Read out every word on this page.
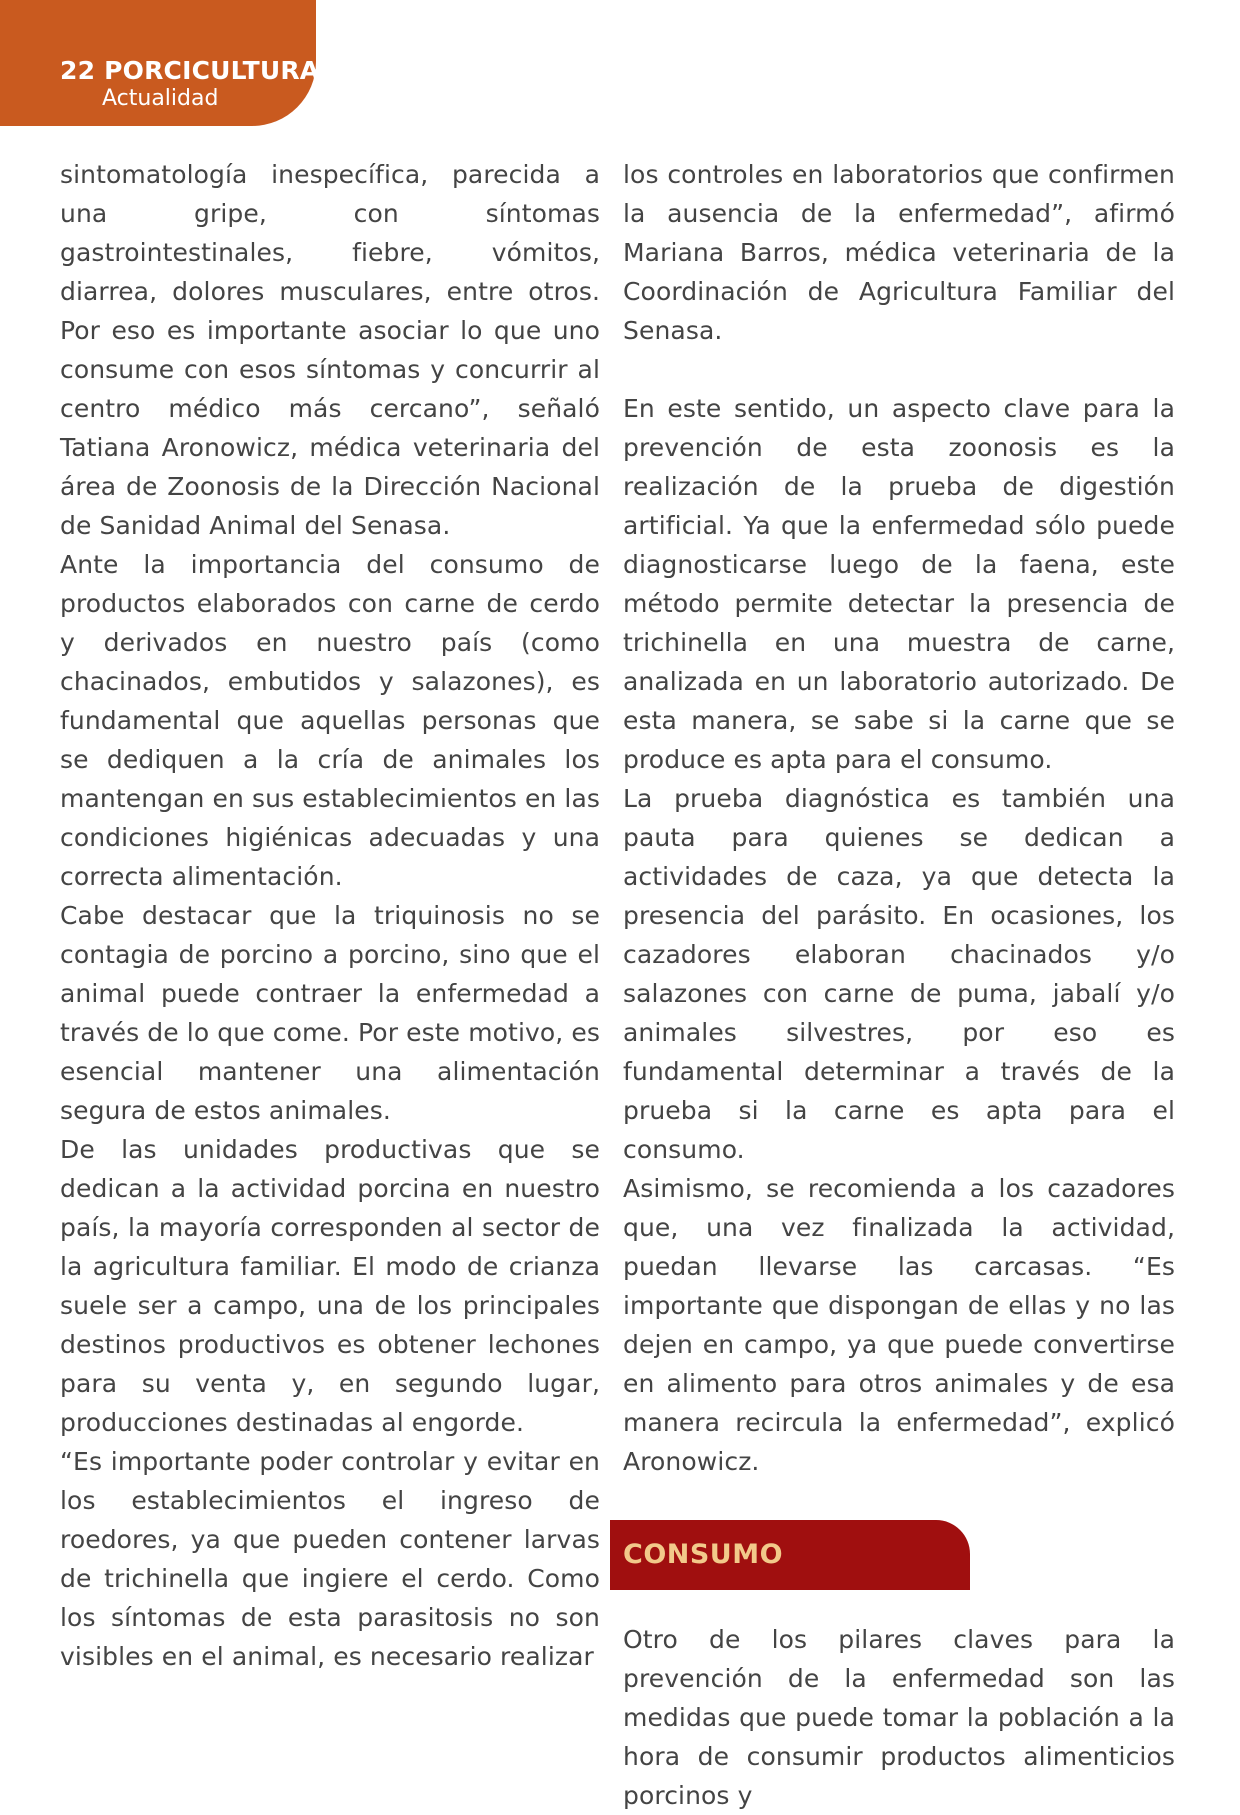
22 PORCICULTURA
Actualidad

sintomatología inespecífica, parecida a una gripe, con síntomas gastrointestinales, fiebre, vómitos, diarrea, dolores musculares, entre otros. Por eso es importante asociar lo que uno consume con esos síntomas y concurrir al centro médico más cercano”, señaló Tatiana Aronowicz, médica veterinaria del área de Zoonosis de la Dirección Nacional de Sanidad Animal del Senasa.

Ante la importancia del consumo de productos elaborados con carne de cerdo y derivados en nuestro país (como chacinados, embutidos y salazones), es fundamental que aquellas personas que se dediquen a la cría de animales los mantengan en sus establecimientos en las condiciones higiénicas adecuadas y una correcta alimentación.

Cabe destacar que la triquinosis no se contagia de porcino a porcino, sino que el animal puede contraer la enfermedad a través de lo que come. Por este motivo, es esencial mantener una alimentación segura de estos animales.

De las unidades productivas que se dedican a la actividad porcina en nuestro país, la mayoría corresponden al sector de la agricultura familiar. El modo de crianza suele ser a campo, una de los principales destinos productivos es obtener lechones para su venta y, en segundo lugar, producciones destinadas al engorde.

“Es importante poder controlar y evitar en los establecimientos el ingreso de roedores, ya que pueden contener larvas de trichinella que ingiere el cerdo. Como los síntomas de esta parasitosis no son visibles en el animal, es necesario realizar

los controles en laboratorios que confirmen la ausencia de la enfermedad”, afirmó Mariana Barros, médica veterinaria de la Coordinación de Agricultura Familiar del Senasa.

En este sentido, un aspecto clave para la prevención de esta zoonosis es la realización de la prueba de digestión artificial. Ya que la enfermedad sólo puede diagnosticarse luego de la faena, este método permite detectar la presencia de trichinella en una muestra de carne, analizada en un laboratorio autorizado. De esta manera, se sabe si la carne que se produce es apta para el consumo.

La prueba diagnóstica es también una pauta para quienes se dedican a actividades de caza, ya que detecta la presencia del parásito. En ocasiones, los cazadores elaboran chacinados y/o salazones con carne de puma, jabalí y/o animales silvestres, por eso es fundamental determinar a través de la prueba si la carne es apta para el consumo.

Asimismo, se recomienda a los cazadores que, una vez finalizada la actividad, puedan llevarse las carcasas. “Es importante que dispongan de ellas y no las dejen en campo, ya que puede convertirse en alimento para otros animales y de esa manera recircula la enfermedad”, explicó Aronowicz.

CONSUMO

Otro de los pilares claves para la prevención de la enfermedad son las medidas que puede tomar la población a la hora de consumir productos alimenticios porcinos y
